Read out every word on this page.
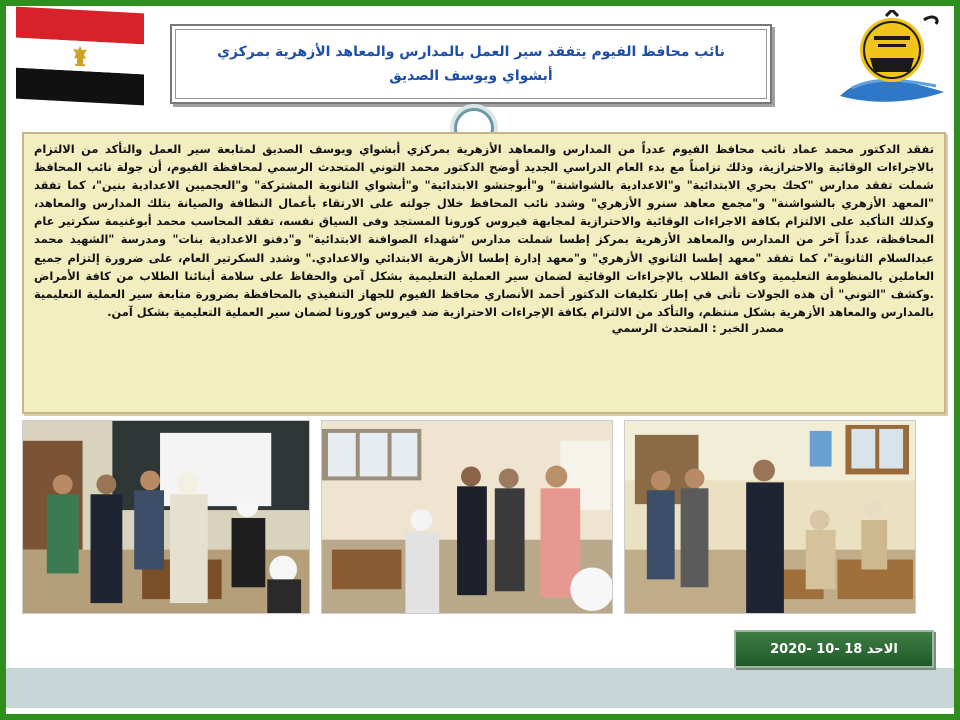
نائب محافظ الفيوم يتفقد سير العمل بالمدارس والمعاهد الأزهرية بمركزي أبشواي ويوسف الصديق

تفقد الدكتور محمد عماد نائب محافظ الفيوم عدداً من المدارس والمعاهد الأزهرية بمركزي أبشواي ويوسف الصديق لمتابعة سير العمل والتأكد من الالتزام بالاجراءات الوقائية والاحترازية، وذلك تزامناً مع بدء العام الدراسي الجديد أوضح الدكتور محمد التوني المتحدث الرسمي لمحافظة الفيوم، أن جولة نائب المحافظ شملت تفقد مدارس "كحك بحري الابتدائية" و"الاعدادية بالشواشنة" و"أبوجنشو الابتدائية" و"أبشواي الثانوية المشتركة" و"العجميين الاعدادية بنين"، كما تفقد "المعهد الأزهري بالشواشنة" و"مجمع معاهد سنرو الأزهري" وشدد نائب المحافظ خلال جولته على الارتقاء بأعمال النظافة والصيانة بتلك المدارس والمعاهد، وكذلك التأكيد على الالتزام بكافة الاجراءات الوقائية والاحترازية لمجابهة فيروس كورونا المستجد وفى السياق نفسه، تفقد المحاسب محمد أبوغنيمة سكرتير عام المحافظة، عدداً آخر من المدارس والمعاهد الأزهرية بمركز إطسا شملت مدارس "شهداء الصوافنة الابتدائية" و"دفنو الاعدادية بنات" ومدرسة "الشهيد محمد عبدالسلام الثانوية"، كما تفقد "معهد إطسا الثانوي الأزهري" و"معهد إدارة إطسا الأزهرية الابتدائي والاعدادي." وشدد السكرتير العام، على ضرورة إلتزام جميع العاملين بالمنظومة التعليمية وكافة الطلاب بالإجراءات الوقائية لضمان سير العملية التعليمية بشكل آمن والحفاظ على سلامة أبنائنا الطلاب من كافة الأمراض .وكشف "التوني" أن هذه الجولات تأتى في إطار تكليفات الدكتور أحمد الأنصاري محافظ الفيوم للجهاز التنفيذي بالمحافظة بضرورة متابعة سير العملية التعليمية بالمدارس والمعاهد الأزهرية بشكل منتظم، والتأكد من الالتزام بكافة الإجراءات الاحترازية ضد فيروس كورونا لضمان سير العملية التعليمية بشكل آمن.

مصدر الخبر : المتحدث الرسمي
الاحد 18 -10 -2020
